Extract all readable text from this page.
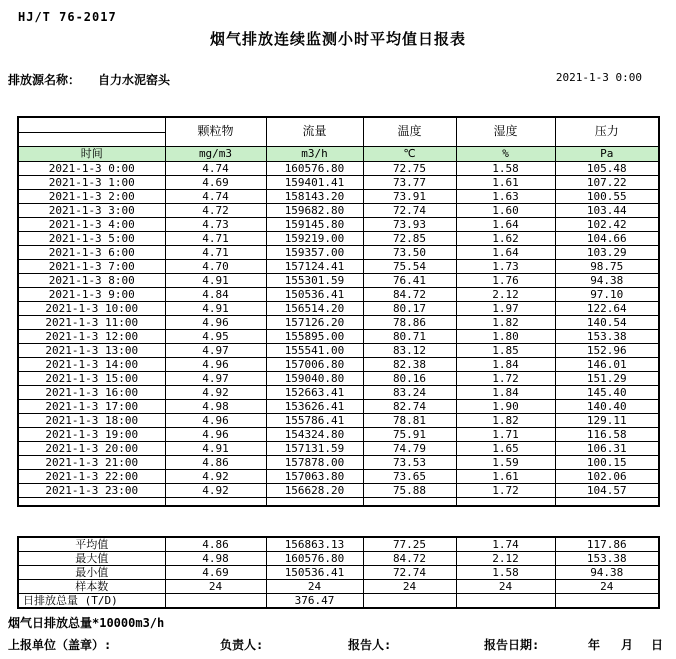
HJ/T 76-2017
烟气排放连续监测小时平均值日报表
排放源名称： 自力水泥窑头	2021-1-3 0:00
	颗粒物	流量	温度	湿度	压力

时间	mg/m3	m3/h	℃	%	Pa
2021-1-3 0:00	4.74	160576.80	72.75	1.58	105.48
2021-1-3 1:00	4.69	159401.41	73.77	1.61	107.22
2021-1-3 2:00	4.74	158143.20	73.91	1.63	100.55
2021-1-3 3:00	4.72	159682.80	72.74	1.60	103.44
2021-1-3 4:00	4.73	159145.80	73.93	1.64	102.42
2021-1-3 5:00	4.71	159219.00	72.85	1.62	104.66
2021-1-3 6:00	4.71	159357.00	73.50	1.64	103.29
2021-1-3 7:00	4.70	157124.41	75.54	1.73	98.75
2021-1-3 8:00	4.91	155301.59	76.41	1.76	94.38
2021-1-3 9:00	4.84	150536.41	84.72	2.12	97.10
2021-1-3 10:00	4.91	156514.20	80.17	1.97	122.64
2021-1-3 11:00	4.96	157126.20	78.86	1.82	140.54
2021-1-3 12:00	4.95	155895.00	80.71	1.80	153.38
2021-1-3 13:00	4.97	155541.00	83.12	1.85	152.96
2021-1-3 14:00	4.96	157006.80	82.38	1.84	146.01
2021-1-3 15:00	4.97	159040.80	80.16	1.72	151.29
2021-1-3 16:00	4.92	152663.41	83.24	1.84	145.40
2021-1-3 17:00	4.98	153626.41	82.74	1.90	140.40
2021-1-3 18:00	4.96	155786.41	78.81	1.82	129.11
2021-1-3 19:00	4.96	154324.80	75.91	1.71	116.58
2021-1-3 20:00	4.91	157131.59	74.79	1.65	106.31
2021-1-3 21:00	4.86	157878.00	73.53	1.59	100.15
2021-1-3 22:00	4.92	157063.80	73.65	1.61	102.06
2021-1-3 23:00	4.92	156628.20	75.88	1.72	104.57

平均值	4.86	156863.13	77.25	1.74	117.86
最大值	4.98	160576.80	84.72	2.12	153.38
最小值	4.69	150536.41	72.74	1.58	94.38
样本数	24	24	24	24	24
日排放总量 (T/D)		376.47			
烟气日排放总量*10000m3/h
上报单位（盖章）:	负责人:	报告人:	报告日期:	年 月 日
